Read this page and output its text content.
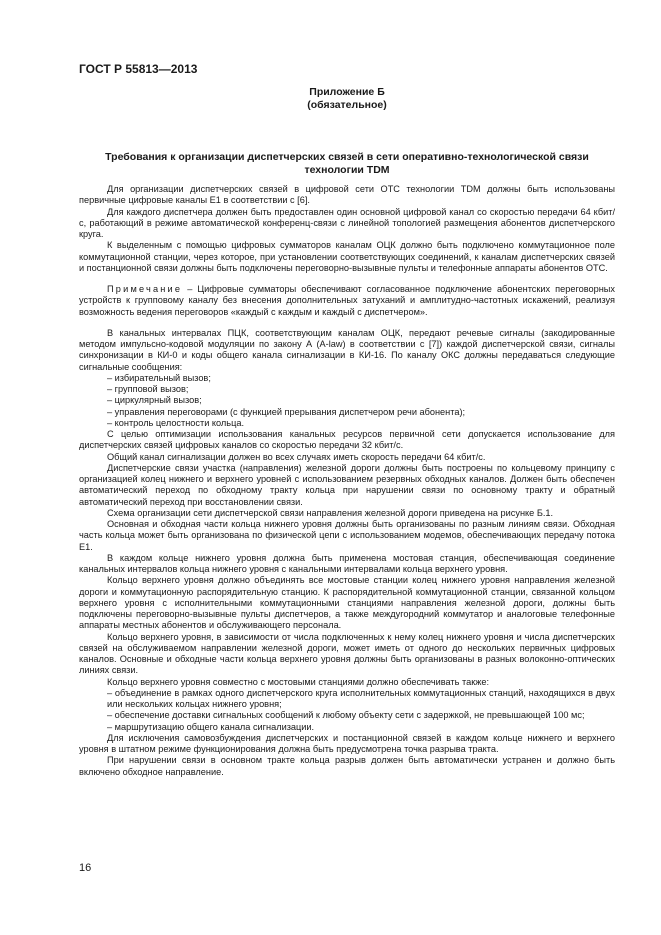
ГОСТ Р 55813—2013
Приложение Б
(обязательное)
Требования к организации диспетчерских связей в сети оперативно-технологической связи
технологии TDM

Для организации диспетчерских связей в цифровой сети ОТС технологии TDM должны быть использованы первичные цифровые каналы Е1 в соответствии с [6].

Для каждого диспетчера должен быть предоставлен один основной цифровой канал со скоростью передачи 64 кбит/с, работающий в режиме автоматической конференц-связи с линейной топологией размещения абонентов диспетчерского круга.

К выделенным с помощью цифровых сумматоров каналам ОЦК должно быть подключено коммутационное поле коммутационной станции, через которое, при установлении соответствующих соединений, к каналам диспетчерских связей и постанционной связи должны быть подключены переговорно-вызывные пульты и телефонные аппараты абонентов ОТС.

Примечание – Цифровые сумматоры обеспечивают согласованное подключение абонентских переговорных устройств к групповому каналу без внесения дополнительных затуханий и амплитудно-частотных искажений, реализуя возможность ведения переговоров «каждый с каждым и каждый с диспетчером».

В канальных интервалах ПЦК, соответствующим каналам ОЦК, передают речевые сигналы (закодированные методом импульсно-кодовой модуляции по закону А (A-law) в соответствии с [7]) каждой диспетчерской связи, сигналы синхронизации в КИ-0 и коды общего канала сигнализации в КИ-16. По каналу ОКС должны передаваться следующие сигнальные сообщения:

– избирательный вызов;

– групповой вызов;

– циркулярный вызов;

– управления переговорами (с функцией прерывания диспетчером речи абонента);

– контроль целостности кольца.

С целью оптимизации использования канальных ресурсов первичной сети допускается использование для диспетчерских связей цифровых каналов со скоростью передачи 32 кбит/с.

Общий канал сигнализации должен во всех случаях иметь скорость передачи 64 кбит/с.

Диспетчерские связи участка (направления) железной дороги должны быть построены по кольцевому принципу с организацией колец нижнего и верхнего уровней с использованием резервных обходных каналов. Должен быть обеспечен автоматический переход по обходному тракту кольца при нарушении связи по основному тракту и обратный автоматический переход при восстановлении связи.

Схема организации сети диспетчерской связи направления железной дороги приведена на рисунке Б.1.

Основная и обходная части кольца нижнего уровня должны быть организованы по разным линиям связи. Обходная часть кольца может быть организована по физической цепи с использованием модемов, обеспечивающих передачу потока Е1.

В каждом кольце нижнего уровня должна быть применена мостовая станция, обеспечивающая соединение канальных интервалов кольца нижнего уровня с канальными интервалами кольца верхнего уровня.

Кольцо верхнего уровня должно объединять все мостовые станции колец нижнего уровня направления железной дороги и коммутационную распорядительную станцию. К распорядительной коммутационной станции, связанной кольцом верхнего уровня с исполнительными коммутационными станциями направления железной дороги, должны быть подключены переговорно-вызывные пульты диспетчеров, а также междугородний коммутатор и аналоговые телефонные аппараты местных абонентов и обслуживающего персонала.

Кольцо верхнего уровня, в зависимости от числа подключенных к нему колец нижнего уровня и числа диспетчерских связей на обслуживаемом направлении железной дороги, может иметь от одного до нескольких первичных цифровых каналов. Основные и обходные части кольца верхнего уровня должны быть организованы в разных волоконно-оптических линиях связи.

Кольцо верхнего уровня совместно с мостовыми станциями должно обеспечивать также:

– объединение в рамках одного диспетчерского круга исполнительных коммутационных станций, находящихся в двух или нескольких кольцах нижнего уровня;

– обеспечение доставки сигнальных сообщений к любому объекту сети с задержкой, не превышающей 100 мс;

– маршрутизацию общего канала сигнализации.

Для исключения самовозбуждения диспетчерских и постанционной связей в каждом кольце нижнего и верхнего уровня в штатном режиме функционирования должна быть предусмотрена точка разрыва тракта.

При нарушении связи в основном тракте кольца разрыв должен быть автоматически устранен и должно быть включено обходное направление.

16
